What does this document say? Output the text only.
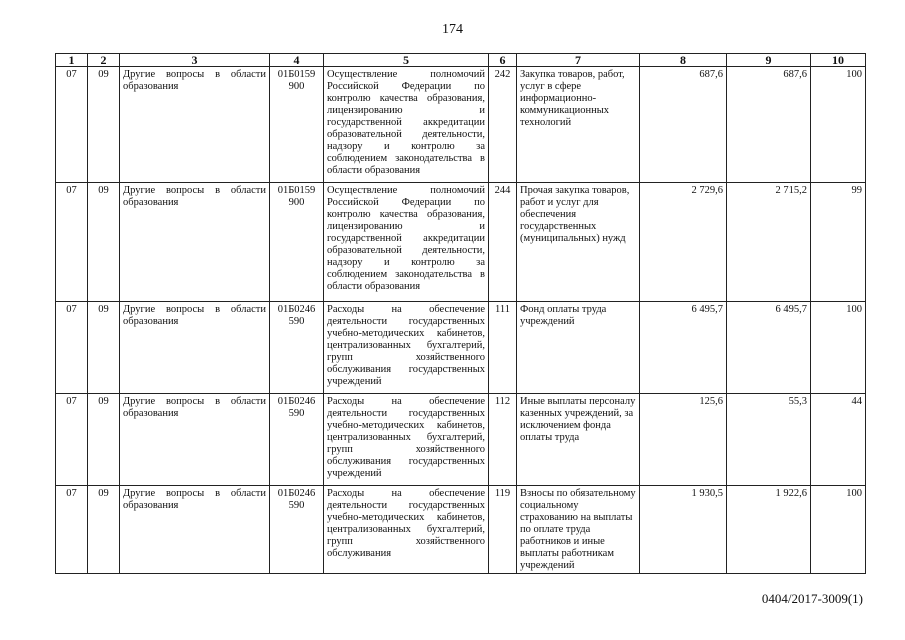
174
1	2	3	4	5	6	7	8	9	10
07	09	Другие вопросы в области образования	01Б0159 900	Осуществление полномочий Российской Федерации по контролю качества образования, лицензированию и государственной аккредитации образовательной деятельности, надзору и контролю за соблюдением законодательства в области образования	242	Закупка товаров, работ, услуг в сфере информационно-коммуникационных технологий	687,6	687,6	100
07	09	Другие вопросы в области образования	01Б0159 900	Осуществление полномочий Российской Федерации по контролю качества образования, лицензированию и государственной аккредитации образовательной деятельности, надзору и контролю за соблюдением законодательства в области образования	244	Прочая закупка товаров, работ и услуг для обеспечения государственных (муниципальных) нужд	2 729,6	2 715,2	99
07	09	Другие вопросы в области образования	01Б0246 590	Расходы на обеспечение деятельности государственных учебно-методических кабинетов, централизованных бухгалтерий, групп хозяйственного обслуживания государственных учреждений	111	Фонд оплаты труда учреждений	6 495,7	6 495,7	100
07	09	Другие вопросы в области образования	01Б0246 590	Расходы на обеспечение деятельности государственных учебно-методических кабинетов, централизованных бухгалтерий, групп хозяйственного обслуживания государственных учреждений	112	Иные выплаты персоналу казенных учреждений, за исключением фонда оплаты труда	125,6	55,3	44
07	09	Другие вопросы в области образования	01Б0246 590	Расходы на обеспечение деятельности государственных учебно-методических кабинетов, централизованных бухгалтерий, групп хозяйственного обслуживания	119	Взносы по обязательному социальному страхованию на выплаты по оплате труда работников и иные выплаты работникам учреждений	1 930,5	1 922,6	100
0404/2017-3009(1)
